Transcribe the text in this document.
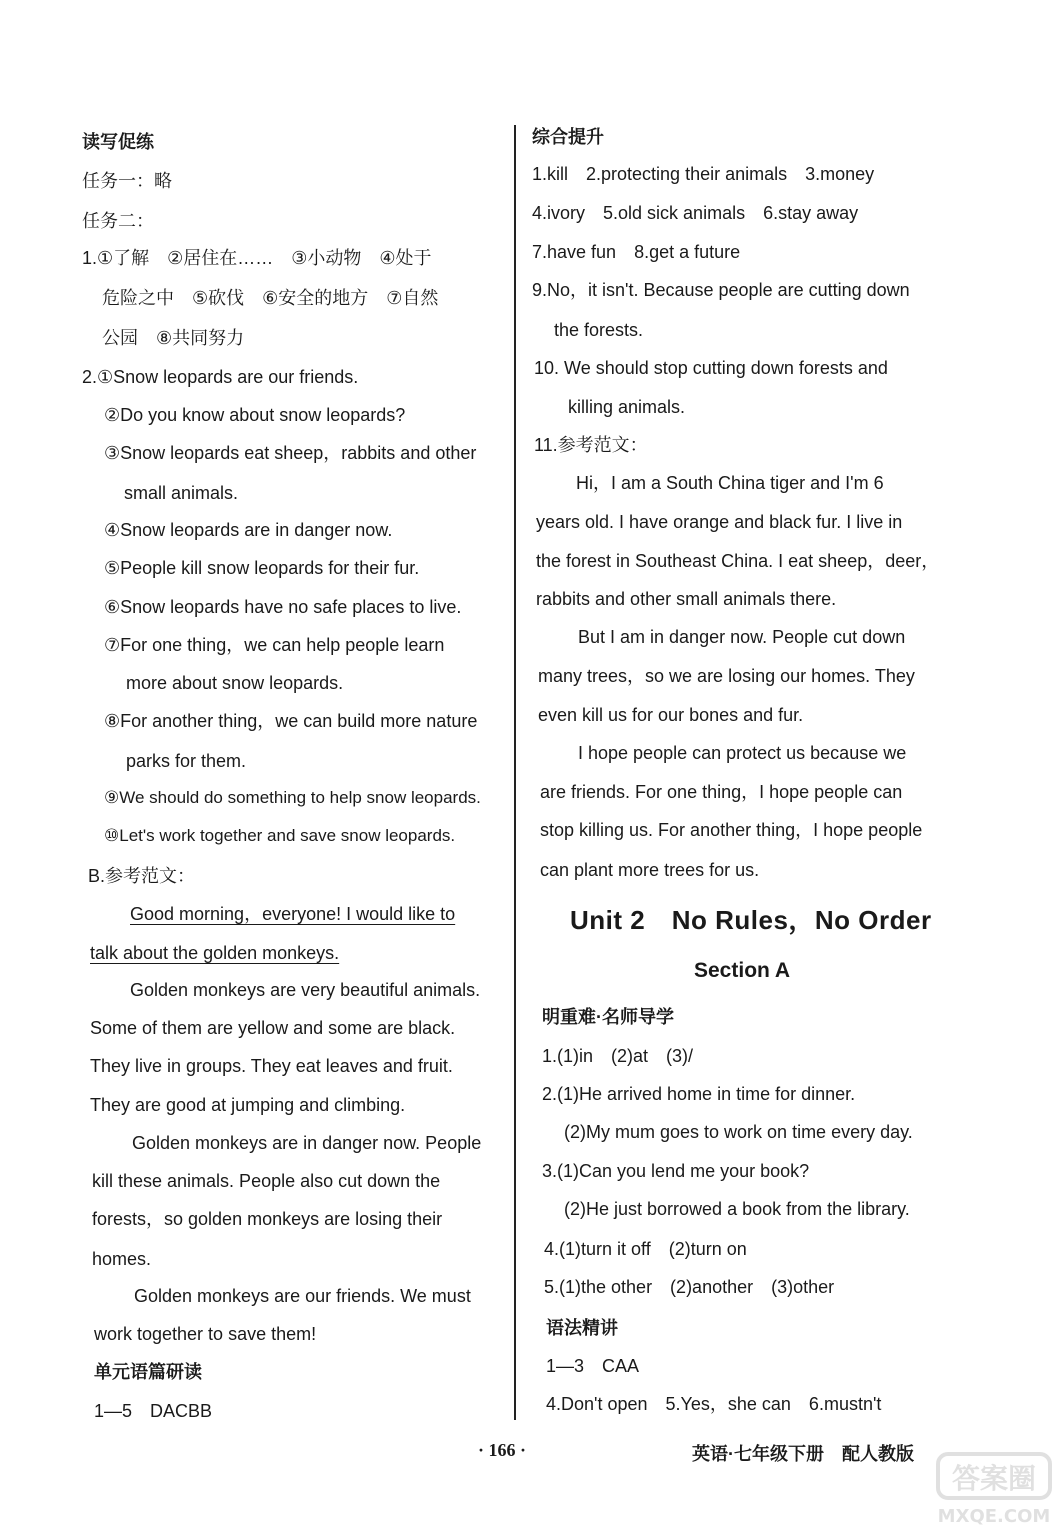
读写促练
任务一：略
任务二：
1.①了解　②居住在……　③小动物　④处于
危险之中　⑤砍伐　⑥安全的地方　⑦自然
公园　⑧共同努力
2.①Snow leopards are our friends.
②Do you know about snow leopards?
③Snow leopards eat sheep，rabbits and other
small animals.
④Snow leopards are in danger now.
⑤People kill snow leopards for their fur.
⑥Snow leopards have no safe places to live.
⑦For one thing，we can help people learn
more about snow leopards.
⑧For another thing，we can build more nature
parks for them.
⑨We should do something to help snow leopards.
⑩Let's work together and save snow leopards.
B.参考范文：
Good morning，everyone! I would like to
talk about the golden monkeys.
Golden monkeys are very beautiful animals.
Some of them are yellow and some are black.
They live in groups. They eat leaves and fruit.
They are good at jumping and climbing.
Golden monkeys are in danger now. People
kill these animals. People also cut down the
forests，so golden monkeys are losing their
homes.
Golden monkeys are our friends. We must
work together to save them!
单元语篇研读
1—5　DACBB
综合提升
1.kill　2.protecting their animals　3.money
4.ivory　5.old sick animals　6.stay away
7.have fun　8.get a future
9.No，it isn't. Because people are cutting down
the forests.
10. We should stop cutting down forests and
killing animals.
11.参考范文：
Hi，I am a South China tiger and I'm 6
years old. I have orange and black fur. I live in
the forest in Southeast China. I eat sheep，deer，
rabbits and other small animals there.
But I am in danger now. People cut down
many trees，so we are losing our homes. They
even kill us for our bones and fur.
I hope people can protect us because we
are friends. For one thing，I hope people can
stop killing us. For another thing，I hope people
can plant more trees for us.
Unit 2　No Rules，No Order
Section A
明重难·名师导学
1.(1)in　(2)at　(3)/
2.(1)He arrived home in time for dinner.
(2)My mum goes to work on time every day.
3.(1)Can you lend me your book?
(2)He just borrowed a book from the library.
4.(1)turn it off　(2)turn on
5.(1)the other　(2)another　(3)other
语法精讲
1—3　CAA
4.Don't open　5.Yes，she can　6.mustn't
· 166 ·	英语·七年级下册　配人教版
答案圈
MXQE.COM
